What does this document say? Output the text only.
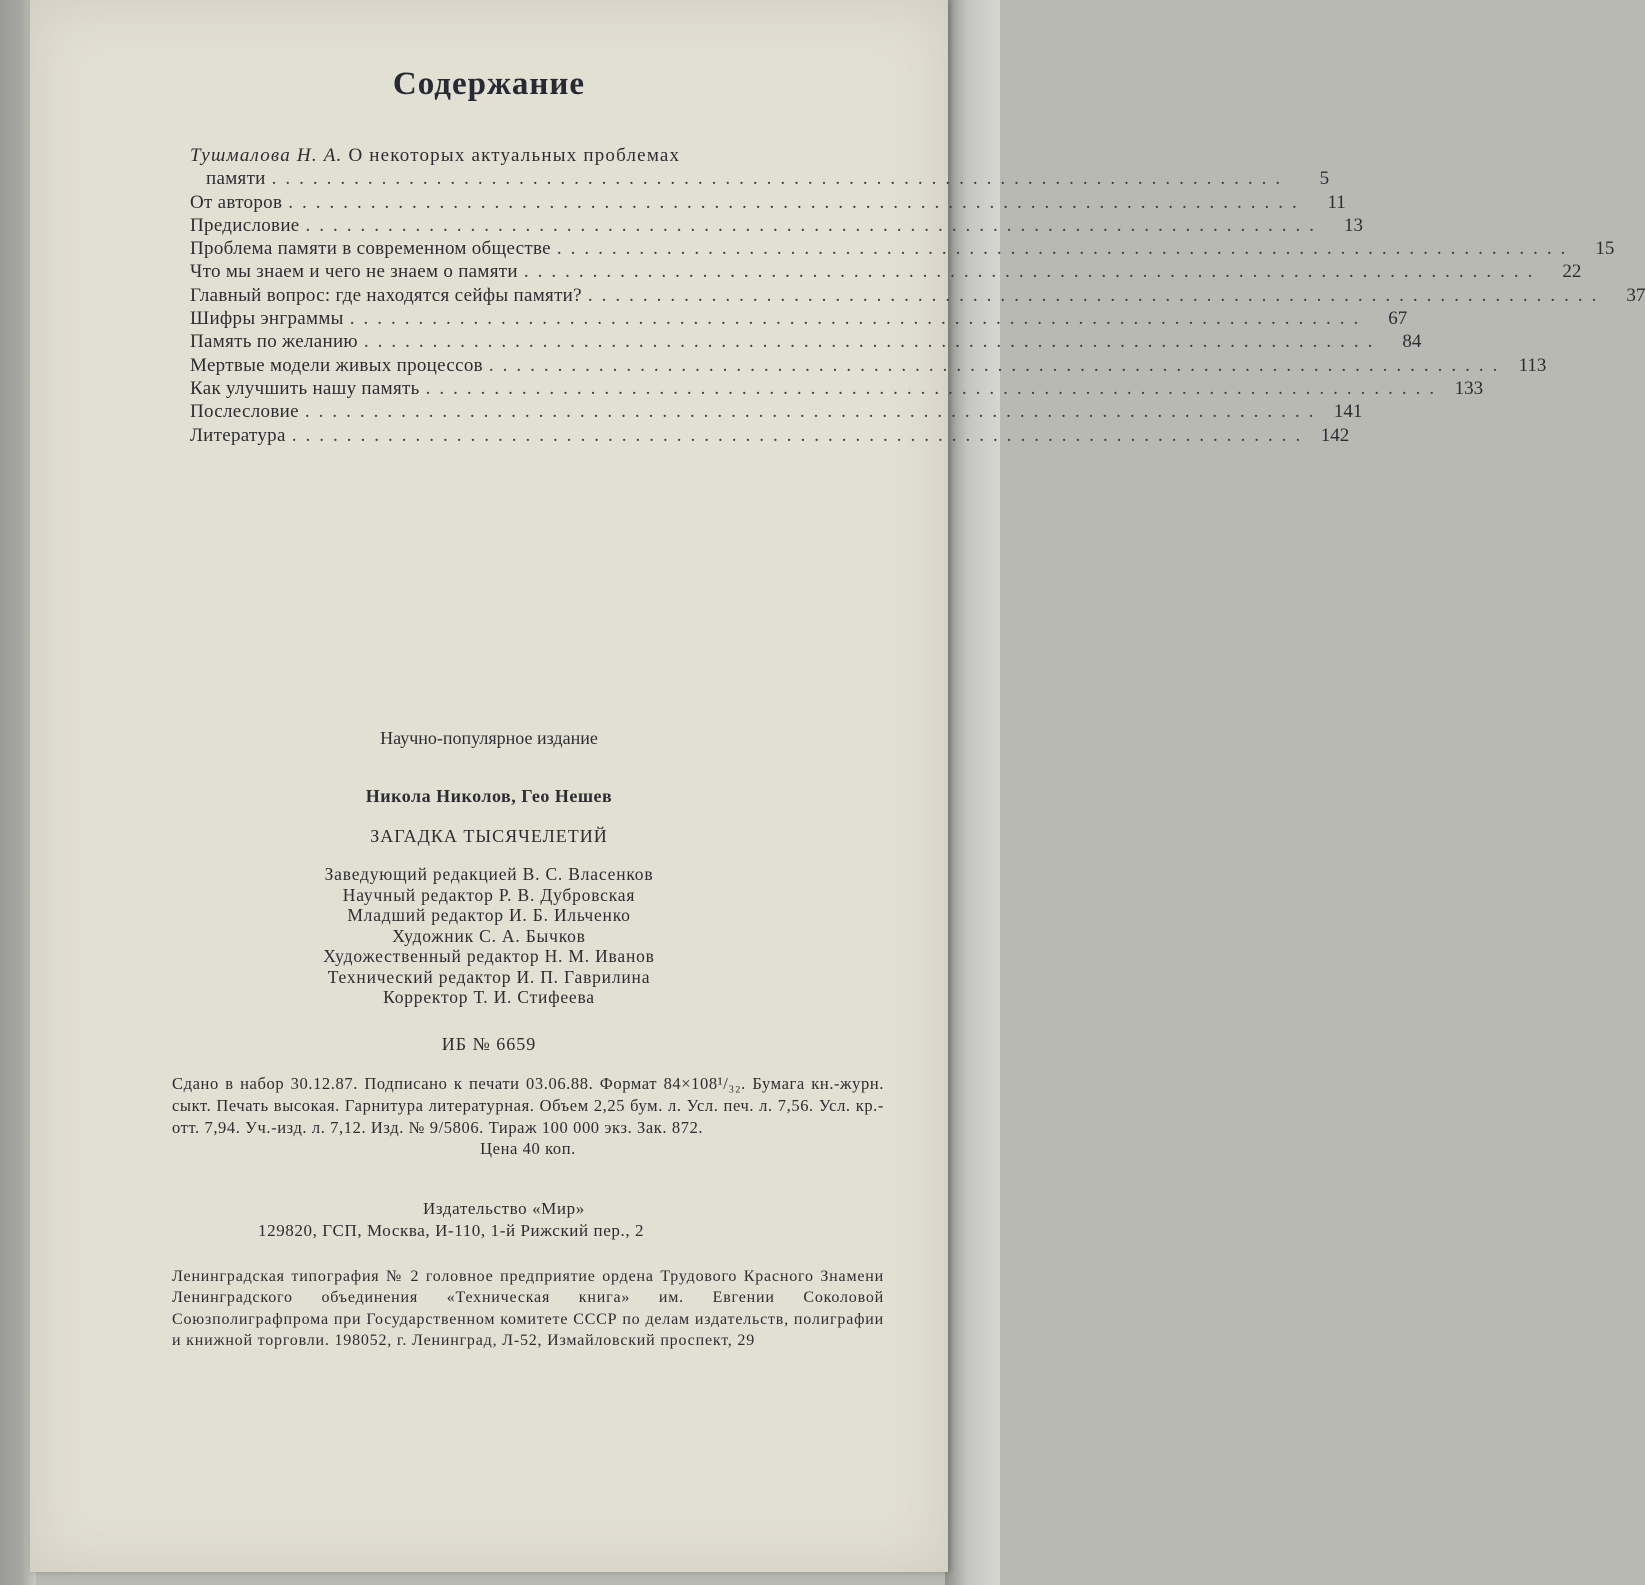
Содержание
Тушмалова Н. А. О некоторых актуальных проблемах
памяти ..........................................................................	5
От авторов ..........................................................................	11
Предисловие ..........................................................................	13
Проблема памяти в современном обществе ..........................................................................	15
Что мы знаем и чего не знаем о памяти ..........................................................................	22
Главный вопрос: где находятся сейфы памяти? ..........................................................................	37
Шифры энграммы ..........................................................................	67
Память по желанию ..........................................................................	84
Мертвые модели живых процессов .......................................................................... 113
Как улучшить нашу память .......................................................................... 133
Послесловие .......................................................................... 141
Литература .......................................................................... 142
Научно-популярное издание
Никола Николов, Гео Нешев
ЗАГАДКА ТЫСЯЧЕЛЕТИЙ
Заведующий редакцией В. С. Власенков
Научный редактор Р. В. Дубровская
Младший редактор И. Б. Ильченко
Художник С. А. Бычков
Художественный редактор Н. М. Иванов
Технический редактор И. П. Гаврилина
Корректор Т. И. Стифеева
ИБ № 6659
Сдано в набор 30.12.87. Подписано к печати 03.06.88. Формат 84×108¹/₃₂. Бумага кн.-журн. сыкт. Печать высокая. Гарнитура литературная. Объем 2,25 бум. л. Усл. печ. л. 7,56. Усл. кр.-отт. 7,94. Уч.-изд. л. 7,12. Изд. № 9/5806. Тираж 100 000 экз. Зак. 872.
Цена 40 коп.
Издательство «Мир»
129820, ГСП, Москва, И-110, 1-й Рижский пер., 2
Ленинградская типография № 2 головное предприятие ордена Трудового Красного Знамени Ленинградского объединения «Техническая книга» им. Евгении Соколовой Союзполиграфпрома при Государственном комитете СССР по делам издательств, полиграфии и книжной торговли. 198052, г. Ленинград, Л-52, Измайловский проспект, 29
